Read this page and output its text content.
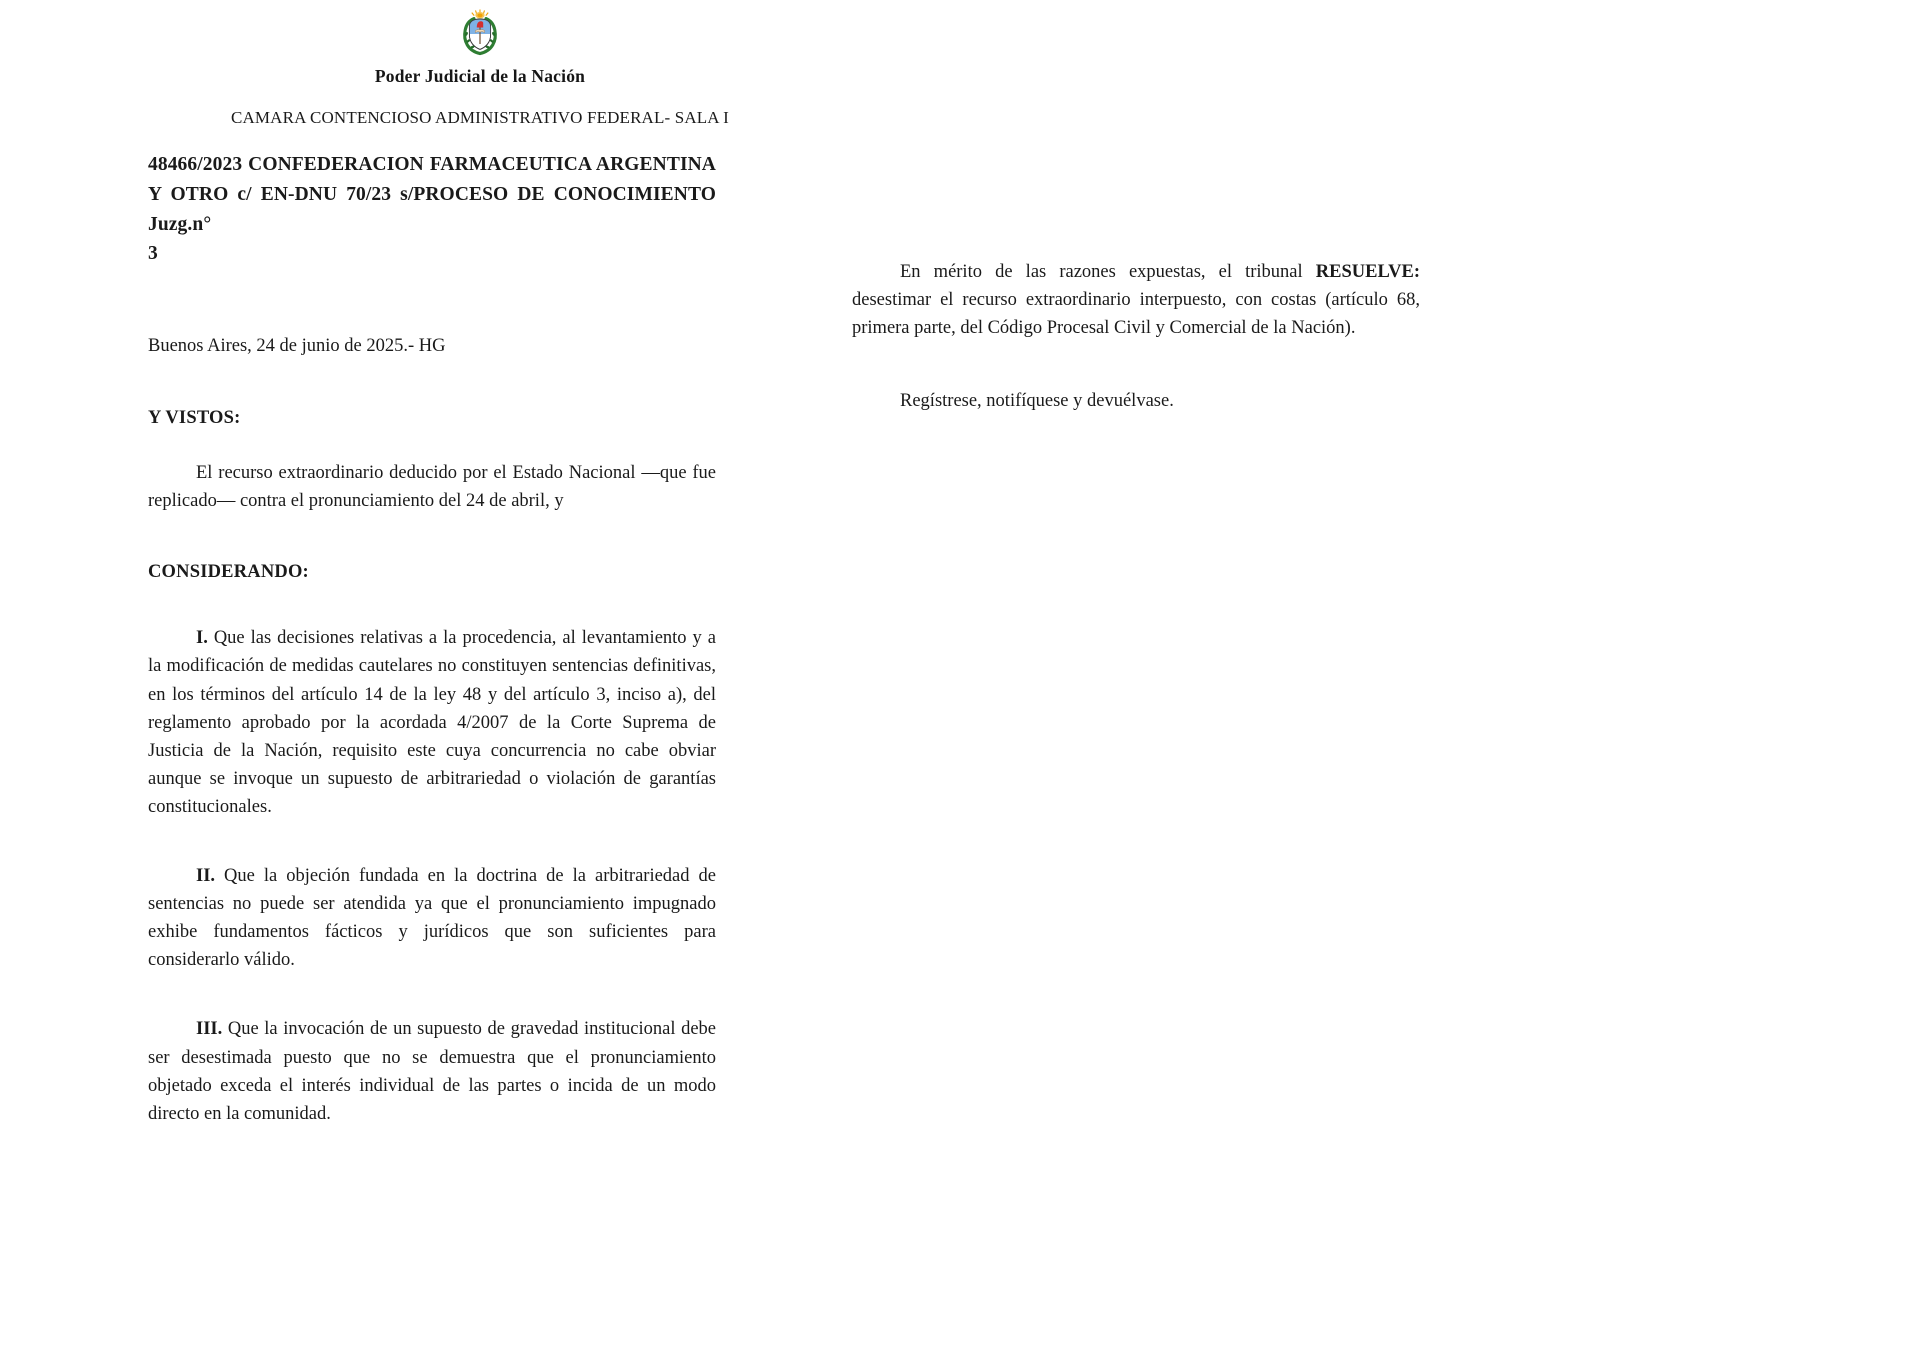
Poder Judicial de la Nación
CAMARA CONTENCIOSO ADMINISTRATIVO FEDERAL- SALA I
48466/2023 CONFEDERACION FARMACEUTICA ARGENTINA Y OTRO c/ EN-DNU 70/23 s/PROCESO DE CONOCIMIENTO Juzg.n°
3
Buenos Aires, 24 de junio de 2025.- HG
Y VISTOS:
El recurso extraordinario deducido por el Estado Nacional —que fue replicado— contra el pronunciamiento del 24 de abril, y
CONSIDERANDO:
I. Que las decisiones relativas a la procedencia, al levantamiento y a la modificación de medidas cautelares no constituyen sentencias definitivas, en los términos del artículo 14 de la ley 48 y del artículo 3, inciso a), del reglamento aprobado por la acordada 4/2007 de la Corte Suprema de Justicia de la Nación, requisito este cuya concurrencia no cabe obviar aunque se invoque un supuesto de arbitrariedad o violación de garantías constitucionales.
II. Que la objeción fundada en la doctrina de la arbitrariedad de sentencias no puede ser atendida ya que el pronunciamiento impugnado exhibe fundamentos fácticos y jurídicos que son suficientes para considerarlo válido.
III. Que la invocación de un supuesto de gravedad institucional debe ser desestimada puesto que no se demuestra que el pronunciamiento objetado exceda el interés individual de las partes o incida de un modo directo en la comunidad.
En mérito de las razones expuestas, el tribunal RESUELVE: desestimar el recurso extraordinario interpuesto, con costas (artículo 68, primera parte, del Código Procesal Civil y Comercial de la Nación).
Regístrese, notifíquese y devuélvase.
